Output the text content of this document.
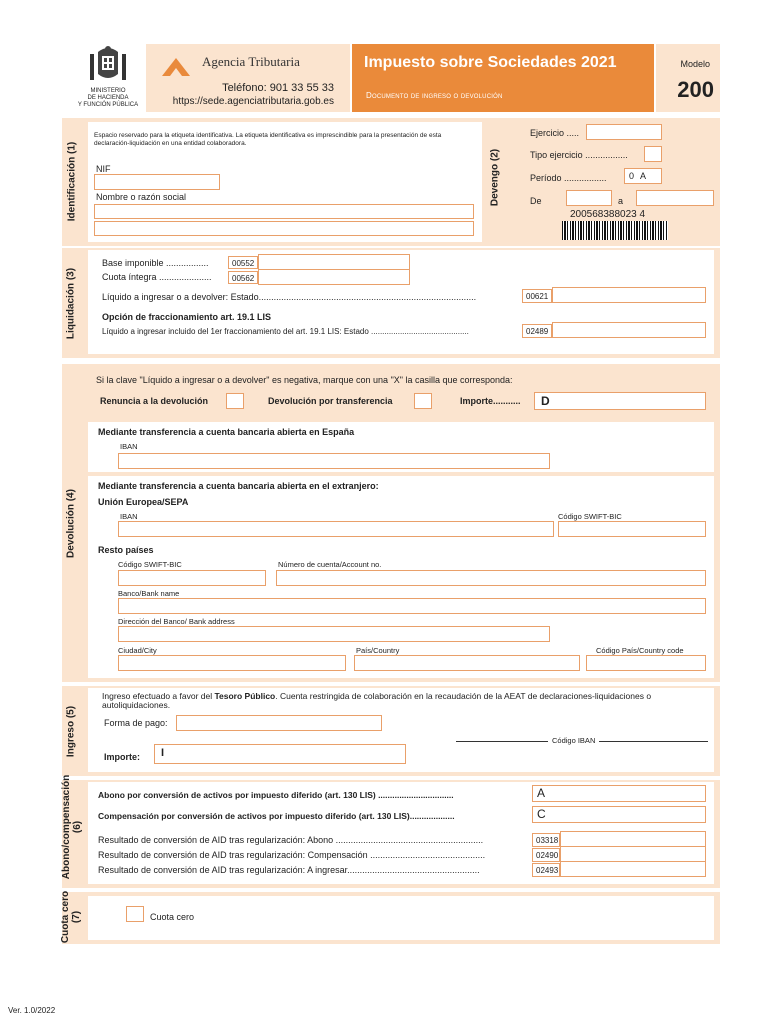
MINISTERIO
DE HACIENDA
Y FUNCIÓN PÚBLICA
Agencia Tributaria
Teléfono: 901 33 55 33
https://sede.agenciatributaria.gob.es
Impuesto sobre Sociedades 2021
Documento de ingreso o devolución
Modelo
200
Identificación (1)
Espacio reservado para la etiqueta identificativa. La etiqueta identificativa es imprescindible para la presentación de esta declaración-liquidación en una entidad colaboradora.
NIF
Nombre o razón social	Devengo (2)
Ejercicio .....
Tipo ejercicio .................
Período .................	0 A
De	a
200568388023 4
Liquidación (3)
Base imponible .................	00552
Cuota íntegra .....................	00562
Líquido a ingresar o a devolver: Estado.......................................................................................	00621
Opción de fraccionamiento art. 19.1 LIS
Líquido a ingresar incluido del 1er fraccionamiento del art. 19.1 LIS: Estado ............................................	02489
Devolución (4)
Si la clave "Líquido a ingresar o a devolver" es negativa, marque con una "X" la casilla que corresponda:
Renuncia a la devolución	Devolución por transferencia	Importe...........	D
Mediante transferencia a cuenta bancaria abierta en España
IBAN
Mediante transferencia a cuenta bancaria abierta en el extranjero:
Unión Europea/SEPA
IBAN	Código SWIFT-BIC
Resto países
Código SWIFT-BIC	Número de cuenta/Account no.
Banco/Bank name
Dirección del Banco/ Bank address
Ciudad/City	País/Country	Código País/Country code
Ingreso (5)
Ingreso efectuado a favor del Tesoro Público. Cuenta restringida de colaboración en la recaudación de la AEAT de declaraciones-liquidaciones o autoliquidaciones.
Forma de pago:
Código IBAN
Importe:	I
Abono/compensación (6)
Abono por conversión de activos por impuesto diferido (art. 130 LIS) ................................	A
Compensación por conversión de activos por impuesto diferido (art. 130 LIS)...................	C
Resultado de conversión de AID tras regularización: Abono ...........................................................	03318
Resultado de conversión de AID tras regularización: Compensación ..............................................	02490
Resultado de conversión de AID tras regularización: A ingresar.....................................................	02493
Cuota cero (7)	Cuota cero
Ver. 1.0/2022
